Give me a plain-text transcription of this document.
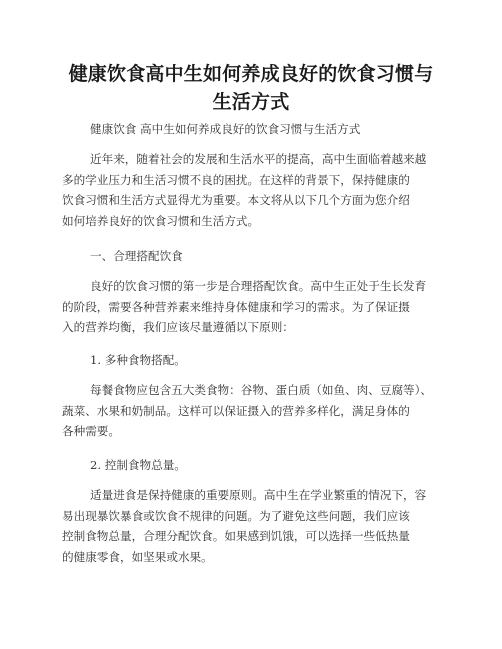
健康饮食高中生如何养成良好的饮食习惯与
生活方式
健康饮食 高中生如何养成良好的饮食习惯与生活方式
近年来，随着社会的发展和生活水平的提高，高中生面临着越来越
多的学业压力和生活习惯不良的困扰。在这样的背景下，保持健康的
饮食习惯和生活方式显得尤为重要。本文将从以下几个方面为您介绍
如何培养良好的饮食习惯和生活方式。
一、合理搭配饮食
良好的饮食习惯的第一步是合理搭配饮食。高中生正处于生长发育
的阶段，需要各种营养素来维持身体健康和学习的需求。为了保证摄
入的营养均衡，我们应该尽量遵循以下原则：
1. 多种食物搭配。
每餐食物应包含五大类食物：谷物、蛋白质（如鱼、肉、豆腐等）、
蔬菜、水果和奶制品。这样可以保证摄入的营养多样化，满足身体的
各种需要。
2. 控制食物总量。
适量进食是保持健康的重要原则。高中生在学业繁重的情况下，容
易出现暴饮暴食或饮食不规律的问题。为了避免这些问题，我们应该
控制食物总量，合理分配饮食。如果感到饥饿，可以选择一些低热量
的健康零食，如坚果或水果。
